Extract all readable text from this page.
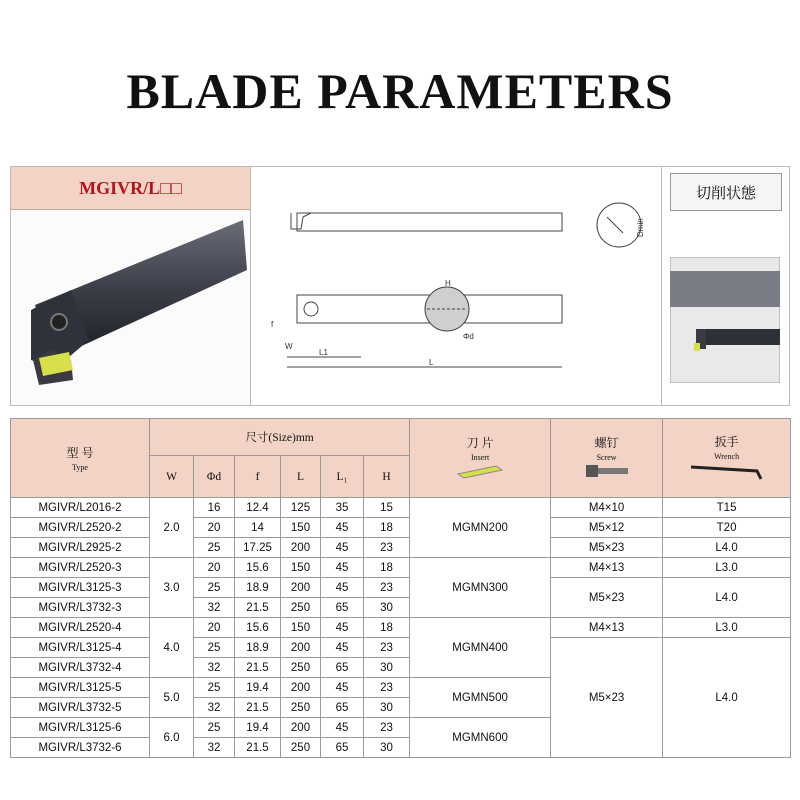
BLADE PARAMETERS
MGIVR/L□□
Dmin
H
Φd
L1
L
W
f
切削状態
型 号
Type	尺寸(Size)mm						刀 片
Insert	螺钉
Screw	扳手
Wrench

	W	Φd	f	L	L₁	H			
MGIVR/L2016-2	2.0	16	12.4	125	35	15	MGMN200	M4×10	T15
MGIVR/L2520-2		20	14	150	45	18		M5×12	T20
MGIVR/L2925-2		25	17.25	200	45	23		M5×23	L4.0
MGIVR/L2520-3	3.0	20	15.6	150	45	18	MGMN300	M4×13	L3.0
MGIVR/L3125-3		25	18.9	200	45	23		M5×23	L4.0
MGIVR/L3732-3		32	21.5	250	65	30			
MGIVR/L2520-4	4.0	20	15.6	150	45	18	MGMN400	M4×13	L3.0
MGIVR/L3125-4		25	18.9	200	45	23		M5×23	L4.0
MGIVR/L3732-4		32	21.5	250	65	30			
MGIVR/L3125-5	5.0	25	19.4	200	45	23	MGMN500		
MGIVR/L3732-5		32	21.5	250	65	30			
MGIVR/L3125-6	6.0	25	19.4	200	45	23	MGMN600		
MGIVR/L3732-6		32	21.5	250	65	30			
